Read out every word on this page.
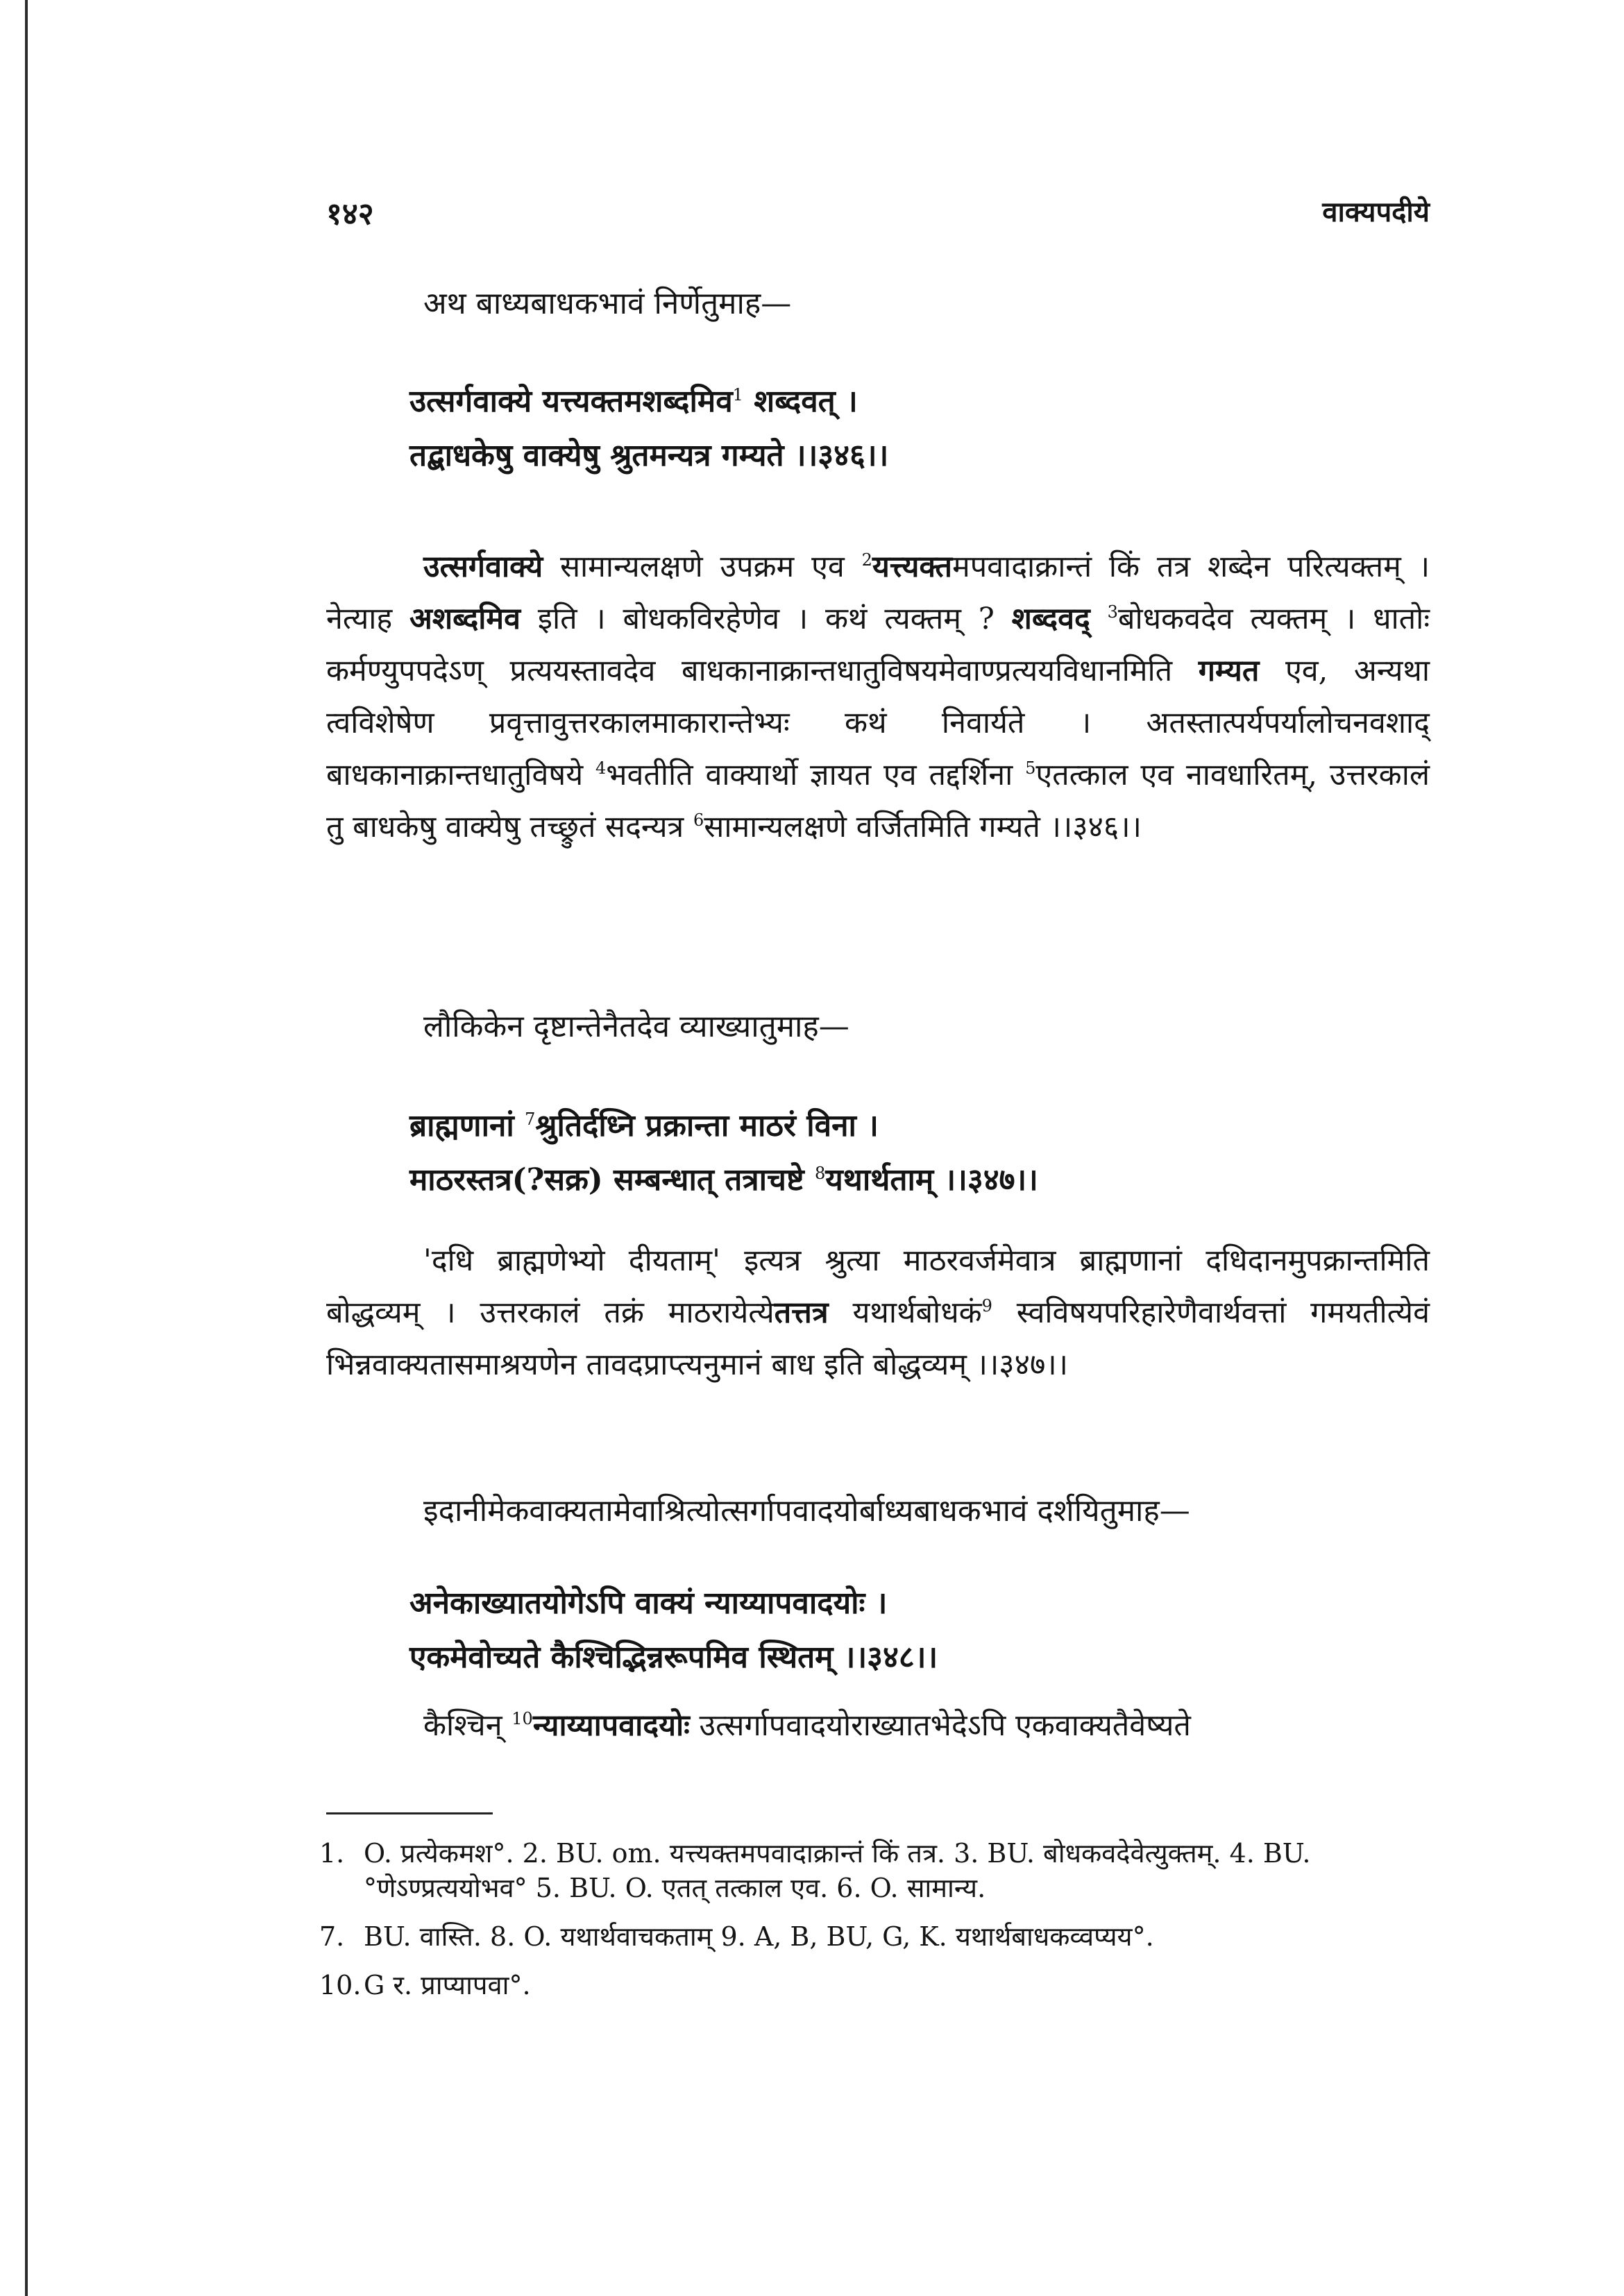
१४२	वाक्यपदीये
अथ बाध्यबाधकभावं निर्णेतुमाह—
उत्सर्गवाक्ये यत्त्यक्तमशब्दमिव$^1$ शब्दवत् ।
तद्बाधकेषु वाक्येषु श्रुतमन्यत्र गम्यते ।।३४६।।
उत्सर्गवाक्ये सामान्यलक्षणे उपक्रम एव $^2$यत्त्यक्तमपवादाक्रान्तं किं तत्र शब्देन परित्यक्तम् । नेत्याह अशब्दमिव इति । बोधकविरहेणेव । कथं त्यक्तम् ? शब्दवद् $^3$बोधकवदेव त्यक्तम् । धातोः कर्मण्युपपदेऽण् प्रत्ययस्तावदेव बाधकानाक्रान्तधातुविषयमेवाण्प्रत्ययविधानमिति गम्यत एव, अन्यथा त्वविशेषेण प्रवृत्तावुत्तरकालमाकारान्तेभ्यः कथं निवार्यते । अतस्तात्पर्यपर्यालोचनवशाद् बाधकानाक्रान्तधातुविषये $^4$भवतीति वाक्यार्थो ज्ञायत एव तद्दर्शिना $^5$एतत्काल एव नावधारितम्, उत्तरकालं तु बाधकेषु वाक्येषु तच्छ्रुतं सदन्यत्र $^6$सामान्यलक्षणे वर्जितमिति गम्यते ।।३४६।।
लौकिकेन दृष्टान्तेनैतदेव व्याख्यातुमाह—
ब्राह्मणानां $^7$श्रुतिर्दध्नि प्रक्रान्ता माठरं विना ।
माठरस्तत्र(?सक्र) सम्बन्धात् तत्राचष्टे $^8$यथार्थताम् ।।३४७।।
'दधि ब्राह्मणेभ्यो दीयताम्' इत्यत्र श्रुत्या माठरवर्जमेवात्र ब्राह्मणानां दधिदानमुपक्रान्तमिति बोद्धव्यम् । उत्तरकालं तक्रं माठरायेत्येतत्तत्र यथार्थबोधकं$^9$ स्वविषयपरिहारेणैवार्थवत्तां गमयतीत्येवं भिन्नवाक्यतासमाश्रयणेन तावदप्राप्त्यनुमानं बाध इति बोद्धव्यम् ।।३४७।।
इदानीमेकवाक्यतामेवाश्रित्योत्सर्गापवादयोर्बाध्यबाधकभावं दर्शयितुमाह—
अनेकाख्यातयोगेऽपि वाक्यं न्याय्यापवादयोः ।
एकमेवोच्यते कैश्चिद्भिन्नरूपमिव स्थितम् ।।३४८।।
कैश्चिन् $^{10}$न्याय्यापवादयोः उत्सर्गापवादयोराख्यातभेदेऽपि एकवाक्यतैवेष्यते
1. O. प्रत्येकमश°. 2. BU. om. यत्त्यक्तमपवादाक्रान्तं किं तत्र. 3. BU. बोधकवदेवेत्युक्तम्. 4. BU. °णेऽण्प्रत्ययोभव° 5. BU. O. एतत् तत्काल एव. 6. O. सामान्य.
7. BU. वास्ति. 8. O. यथार्थवाचकताम् 9. A, B, BU, G, K. यथार्थबाधकव्वप्यय°.
10. G र. प्राप्यापवा°.
